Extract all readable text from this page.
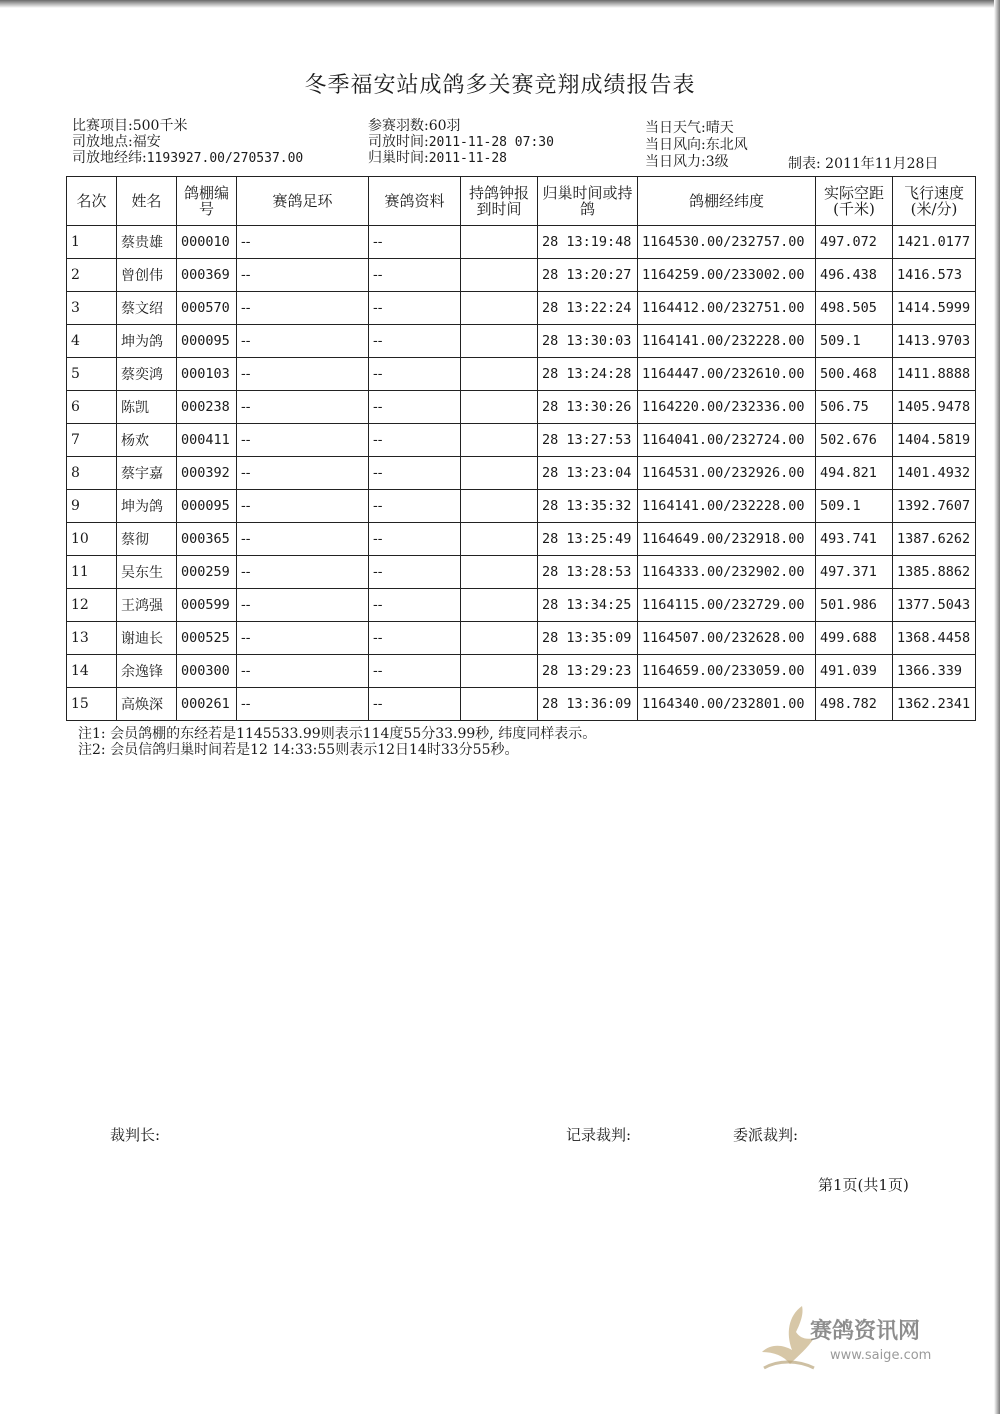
冬季福安站成鸽多关赛竞翔成绩报告表
比赛项目:500千米
司放地点:福安
司放地经纬:1193927.00/270537.00
参赛羽数:60羽
司放时间:2011-11-28 07:30
归巢时间:2011-11-28
当日天气:晴天
当日风向:东北风
当日风力:3级	制表: 2011年11月28日
名次	姓名	鸽棚编号	赛鸽足环	赛鸽资料	持鸽钟报到时间	归巢时间或持鸽	鸽棚经纬度	实际空距(千米)	飞行速度(米/分)
1	蔡贵雄	000010	--	--		28 13:19:48	1164530.00/232757.00	497.072	1421.0177
2	曾创伟	000369	--	--		28 13:20:27	1164259.00/233002.00	496.438	1416.573
3	蔡文绍	000570	--	--		28 13:22:24	1164412.00/232751.00	498.505	1414.5999
4	坤为鸽	000095	--	--		28 13:30:03	1164141.00/232228.00	509.1	1413.9703
5	蔡奕鸿	000103	--	--		28 13:24:28	1164447.00/232610.00	500.468	1411.8888
6	陈凯	000238	--	--		28 13:30:26	1164220.00/232336.00	506.75	1405.9478
7	杨欢	000411	--	--		28 13:27:53	1164041.00/232724.00	502.676	1404.5819
8	蔡宇嘉	000392	--	--		28 13:23:04	1164531.00/232926.00	494.821	1401.4932
9	坤为鸽	000095	--	--		28 13:35:32	1164141.00/232228.00	509.1	1392.7607
10	蔡彻	000365	--	--		28 13:25:49	1164649.00/232918.00	493.741	1387.6262
11	吴东生	000259	--	--		28 13:28:53	1164333.00/232902.00	497.371	1385.8862
12	王鸿强	000599	--	--		28 13:34:25	1164115.00/232729.00	501.986	1377.5043
13	谢迪长	000525	--	--		28 13:35:09	1164507.00/232628.00	499.688	1368.4458
14	余逸锋	000300	--	--		28 13:29:23	1164659.00/233059.00	491.039	1366.339
15	高焕深	000261	--	--		28 13:36:09	1164340.00/232801.00	498.782	1362.2341
注1: 会员鸽棚的东经若是1145533.99则表示114度55分33.99秒, 纬度同样表示。
注2: 会员信鸽归巢时间若是12 14:33:55则表示12日14时33分55秒。
裁判长:	记录裁判:	委派裁判:
第1页(共1页)
赛鸽资讯网
www.saige.com
